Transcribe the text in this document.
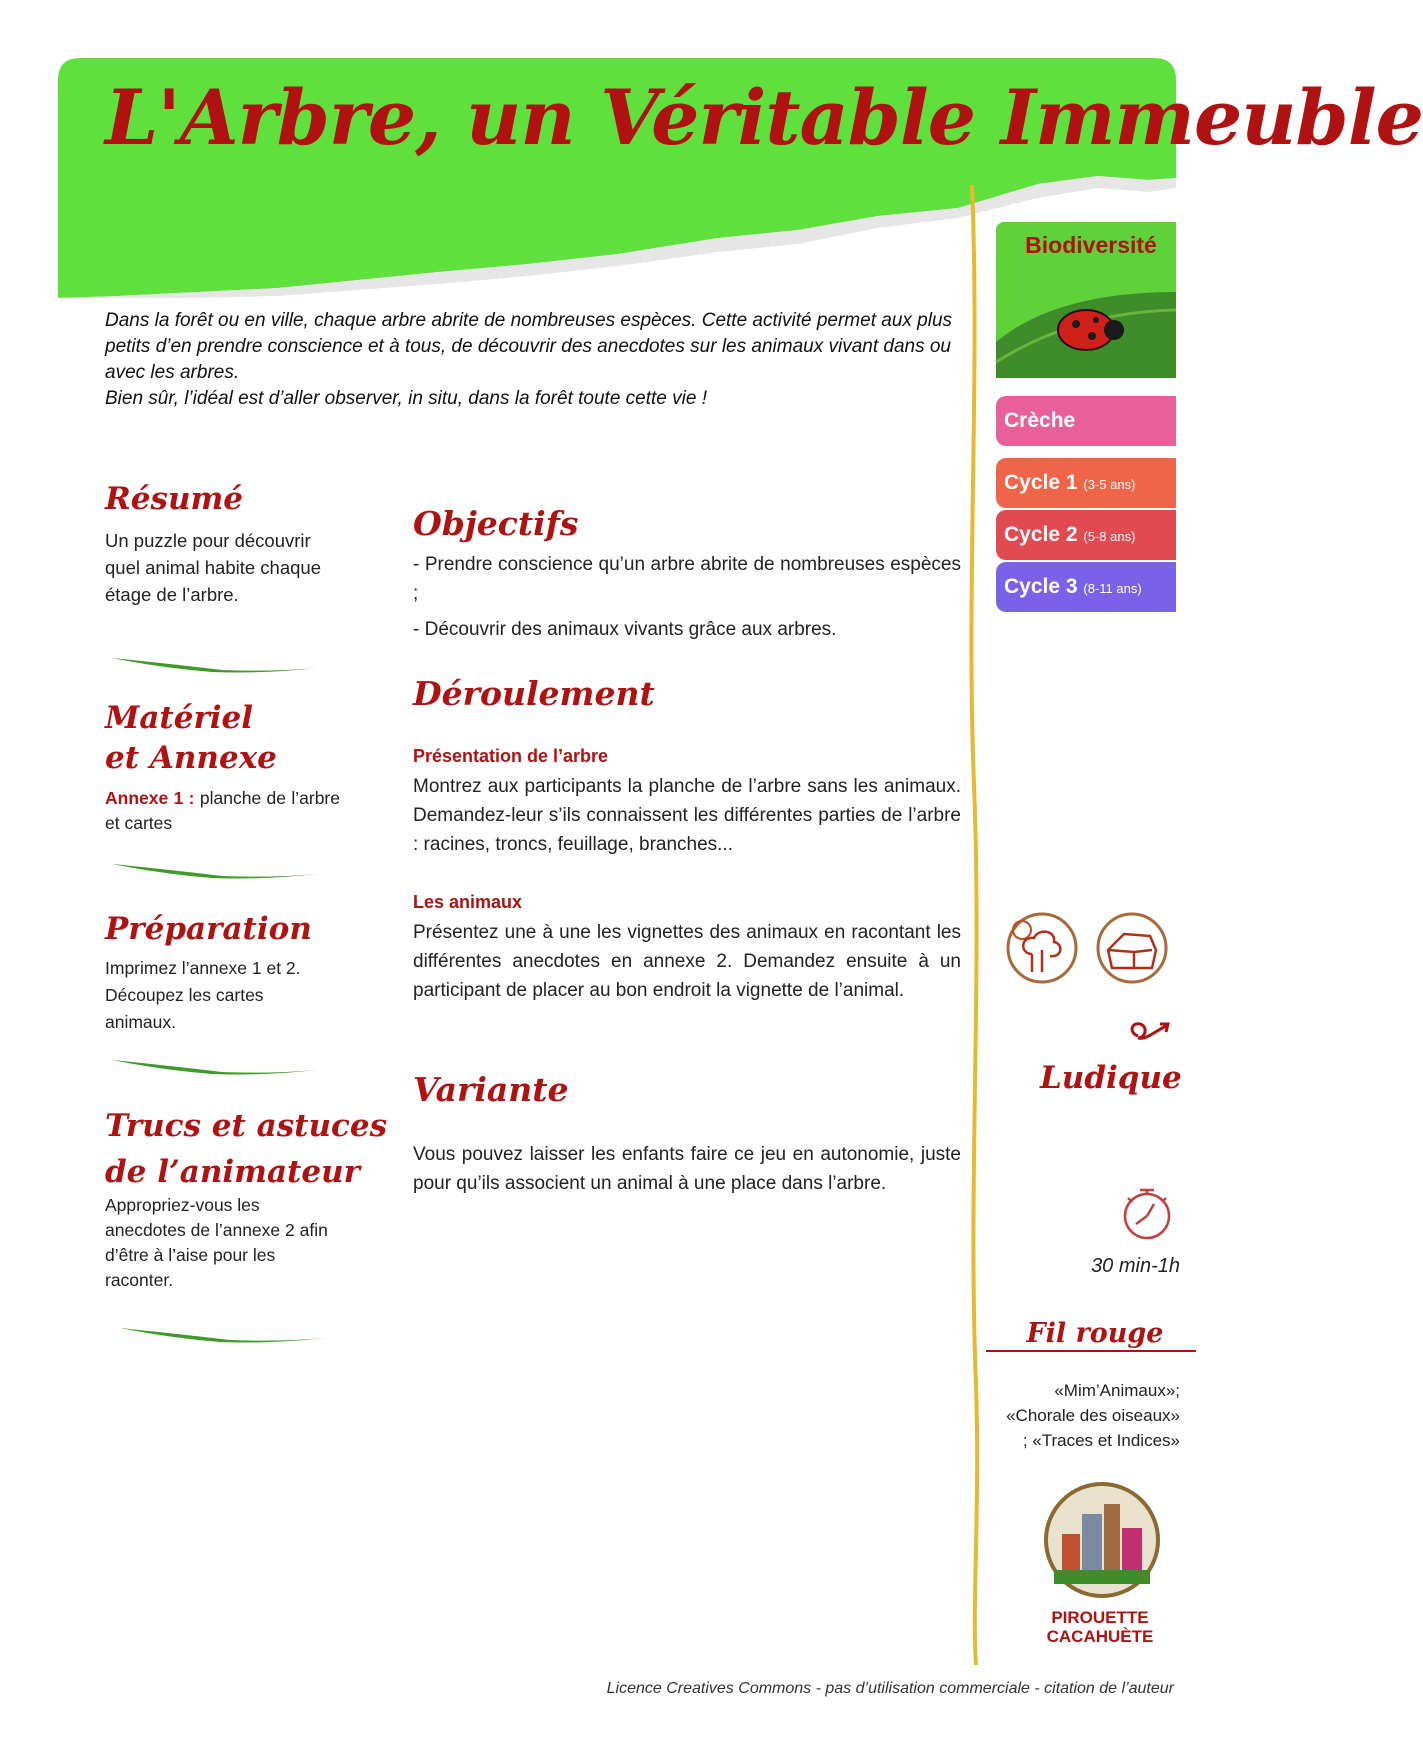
L'Arbre, un Véritable Immeuble
Dans la forêt ou en ville, chaque arbre abrite de nombreuses espèces. Cette activité permet aux plus petits d’en prendre conscience et à tous, de découvrir des anecdotes sur les animaux vivant dans ou avec les arbres.
Bien sûr, l’idéal est d’aller observer, in situ, dans la forêt toute cette vie !
Résumé
Un puzzle pour découvrir quel animal habite chaque étage de l’arbre.
Matériel
et Annexe
Annexe 1 : planche de l’arbre et cartes
Préparation
Imprimez l’annexe 1 et 2. Découpez les cartes animaux.
Trucs et astuces
de l’animateur
Appropriez-vous les anecdotes de l’annexe 2 afin d’être à l’aise pour les raconter.
Objectifs
- Prendre conscience qu’un arbre abrite de nombreuses espèces ;
- Découvrir des animaux vivants grâce aux arbres.
Déroulement
Présentation de l’arbre
Montrez aux participants la planche de l’arbre sans les animaux. Demandez-leur s’ils connaissent les différentes parties de l’arbre : racines, troncs, feuillage, branches...
Les animaux
Présentez une à une les vignettes des animaux en racontant les différentes anecdotes en annexe 2. Demandez ensuite à un participant de placer au bon endroit la vignette de l’animal.
Variante
Vous pouvez laisser les enfants faire ce jeu en autonomie, juste pour qu’ils associent un animal à une place dans l’arbre.
Biodiversité
Crèche
Cycle 1 (3-5 ans)
Cycle 2 (5-8 ans)
Cycle 3 (8-11 ans)
Ludique
30 min-1h
Fil rouge
«Mim’Animaux»; «Chorale des oiseaux» ; «Traces et Indices»
PIROUETTE
CACAHUÈTE
Licence Creatives Commons - pas d’utilisation commerciale - citation de l’auteur
